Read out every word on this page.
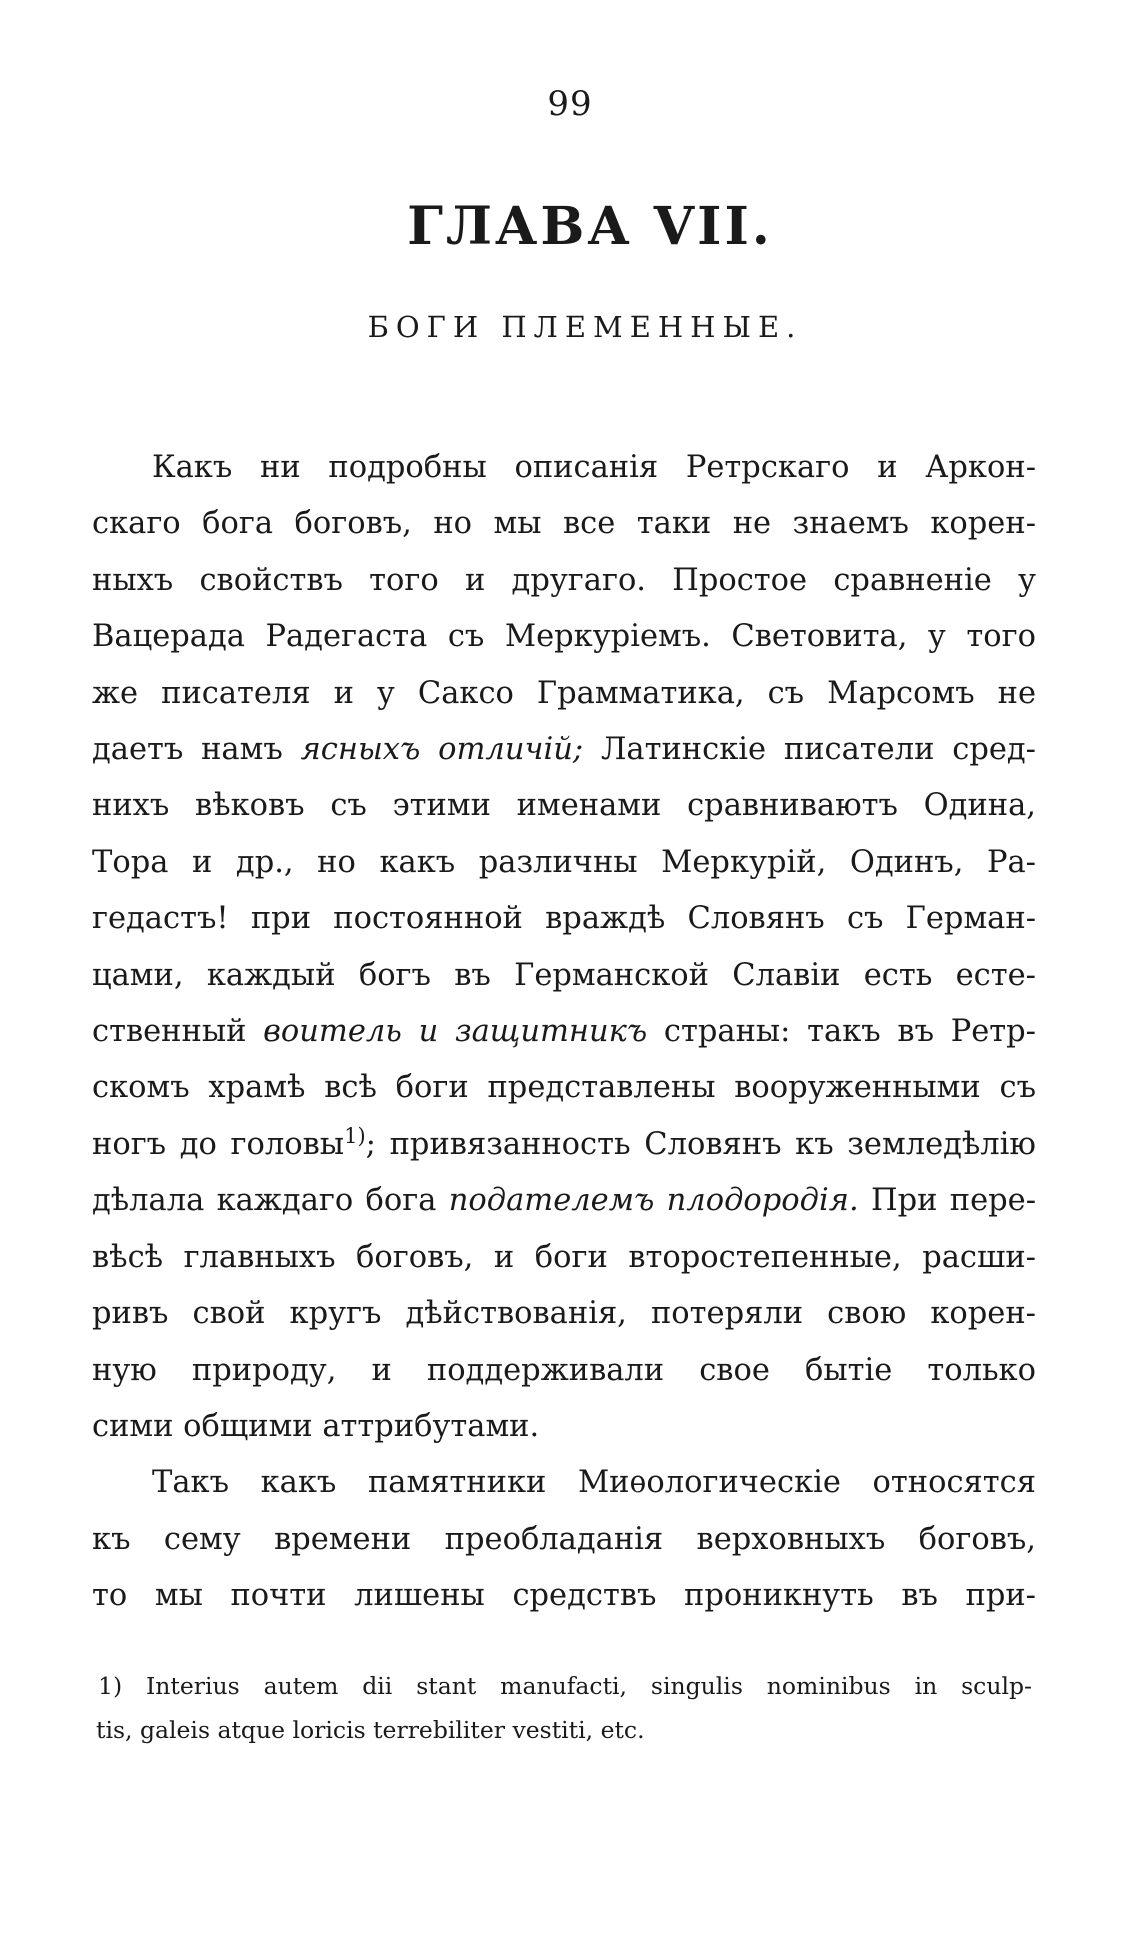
99
ГЛАВА VII.
БОГИ ПЛЕМЕННЫЕ.

Какъ ни подробны описанія Ретрскаго и Аркон-
скаго бога боговъ, но мы все таки не знаемъ корен-
ныхъ свойствъ того и другаго. Простое сравненіе у
Вацерада Радегаста съ Меркуріемъ. Световита, у того
же писателя и у Саксо Грамматика, съ Марсомъ не
даетъ намъ ясныхъ отличій; Латинскіе писатели сред-
нихъ вѣковъ съ этими именами сравниваютъ Одина,
Тора и др., но какъ различны Меркурій, Одинъ, Ра-
гедастъ! при постоянной враждѣ Словянъ съ Герман-
цами, каждый богъ въ Германской Славіи есть есте-
ственный воитель и защитникъ страны: такъ въ Ретр-
скомъ храмѣ всѣ боги представлены вооруженными съ
ногъ до головы$^{1)}$; привязанность Словянъ къ земледѣлію
дѣлала каждаго бога подателемъ плодородія. При пере-
вѣсѣ главныхъ боговъ, и боги второстепенные, расши-
ривъ свой кругъ дѣйствованія, потеряли свою корен-
ную природу, и поддерживали свое бытіе только
сими общими аттрибутами.

Такъ какъ памятники Миѳологическіе относятся
къ сему времени преобладанія верховныхъ боговъ,
то мы почти лишены средствъ проникнуть въ при-

1) Interius autem dii stant manufacti, singulis nominibus in sculp-
tis, galeis atque loricis terrebiliter vestiti, etc.
